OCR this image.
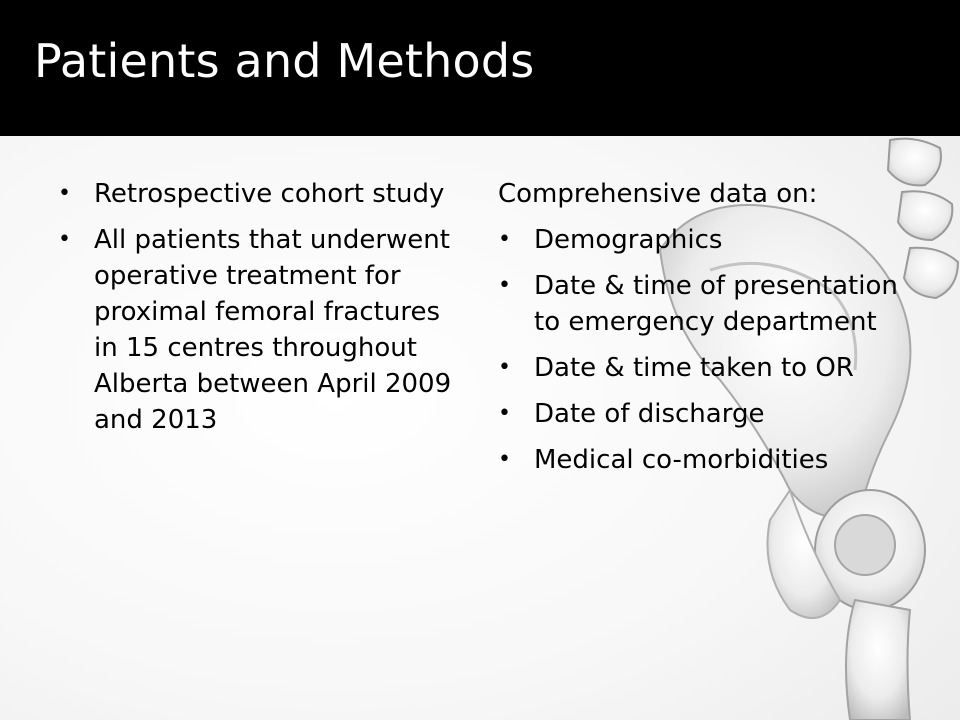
Patients and Methods
• Retrospective cohort study
• All patients that underwent operative treatment for proximal femoral fractures in 15 centres throughout Alberta between April 2009 and 2013

Comprehensive data on:

• Demographics
• Date & time of presentation to emergency department
• Date & time taken to OR
• Date of discharge
• Medical co-morbidities
